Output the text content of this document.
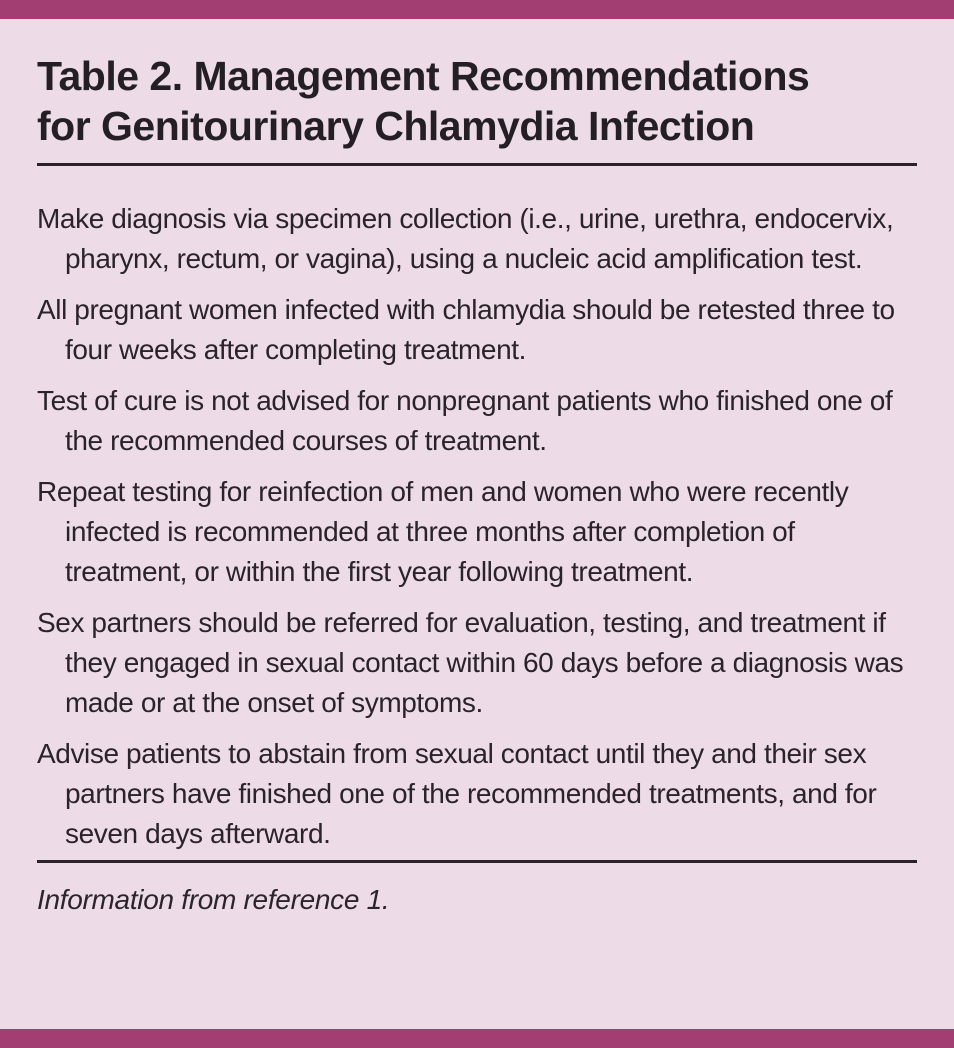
Table 2. Management Recommendations
for Genitourinary Chlamydia Infection

Make diagnosis via specimen collection (i.e., urine, urethra, endocervix, pharynx, rectum, or vagina), using a nucleic acid amplification test.

All pregnant women infected with chlamydia should be retested three to four weeks after completing treatment.

Test of cure is not advised for nonpregnant patients who finished one of the recommended courses of treatment.

Repeat testing for reinfection of men and women who were recently infected is recommended at three months after completion of treatment, or within the first year following treatment.

Sex partners should be referred for evaluation, testing, and treatment if they engaged in sexual contact within 60 days before a diagnosis was made or at the onset of symptoms.

Advise patients to abstain from sexual contact until they and their sex partners have finished one of the recommended treatments, and for seven days afterward.

Information from reference 1.
